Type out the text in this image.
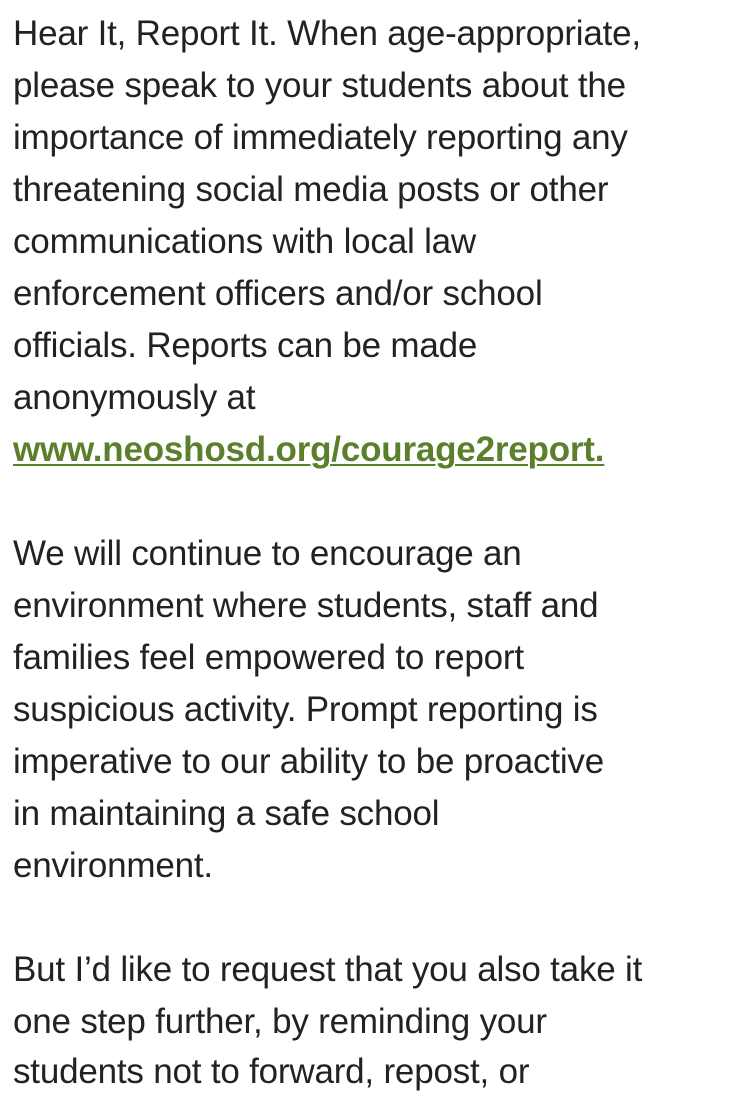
Hear It, Report It. When age-appropriate,
please speak to your students about the
importance of immediately reporting any
threatening social media posts or other
communications with local law
enforcement officers and/or school
officials. Reports can be made
anonymously at
www.neoshosd.org/courage2report.
We will continue to encourage an
environment where students, staff and
families feel empowered to report
suspicious activity. Prompt reporting is
imperative to our ability to be proactive
in maintaining a safe school
environment.
But I’d like to request that you also take it
one step further, by reminding your
students not to forward, repost, or
